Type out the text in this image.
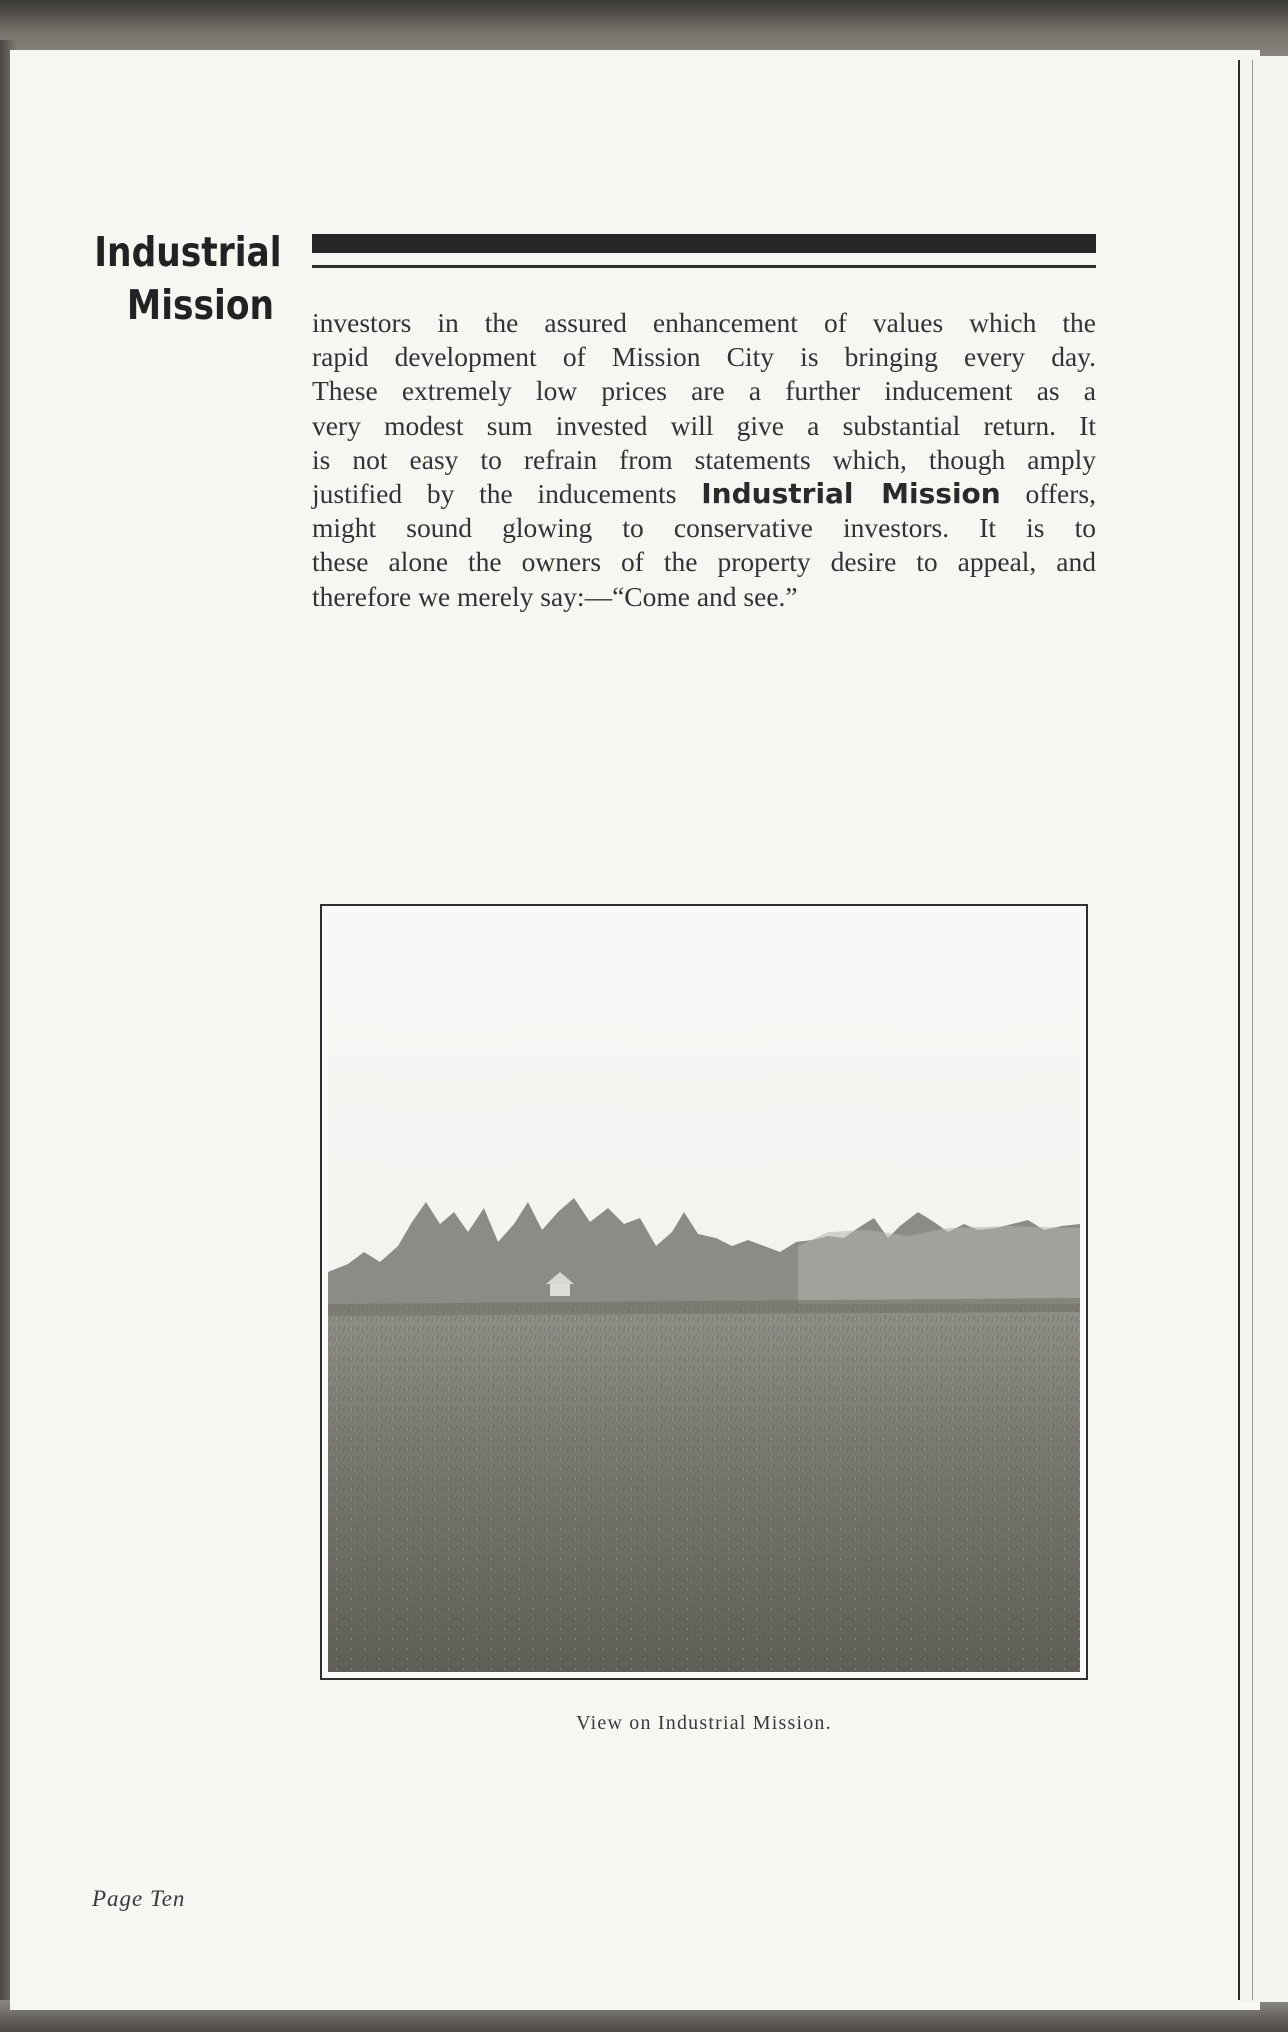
Industrial
Mission investors in the assured enhancement of values which the
rapid development of Mission City is bringing every day.
These extremely low prices are a further inducement as a
very modest sum invested will give a substantial return. It
is not easy to refrain from statements which, though amply
justified by the inducements Industrial Mission offers,
might sound glowing to conservative investors. It is to
these alone the owners of the property desire to appeal, and
therefore we merely say:—“Come and see.”
View on Industrial Mission.
Page Ten
